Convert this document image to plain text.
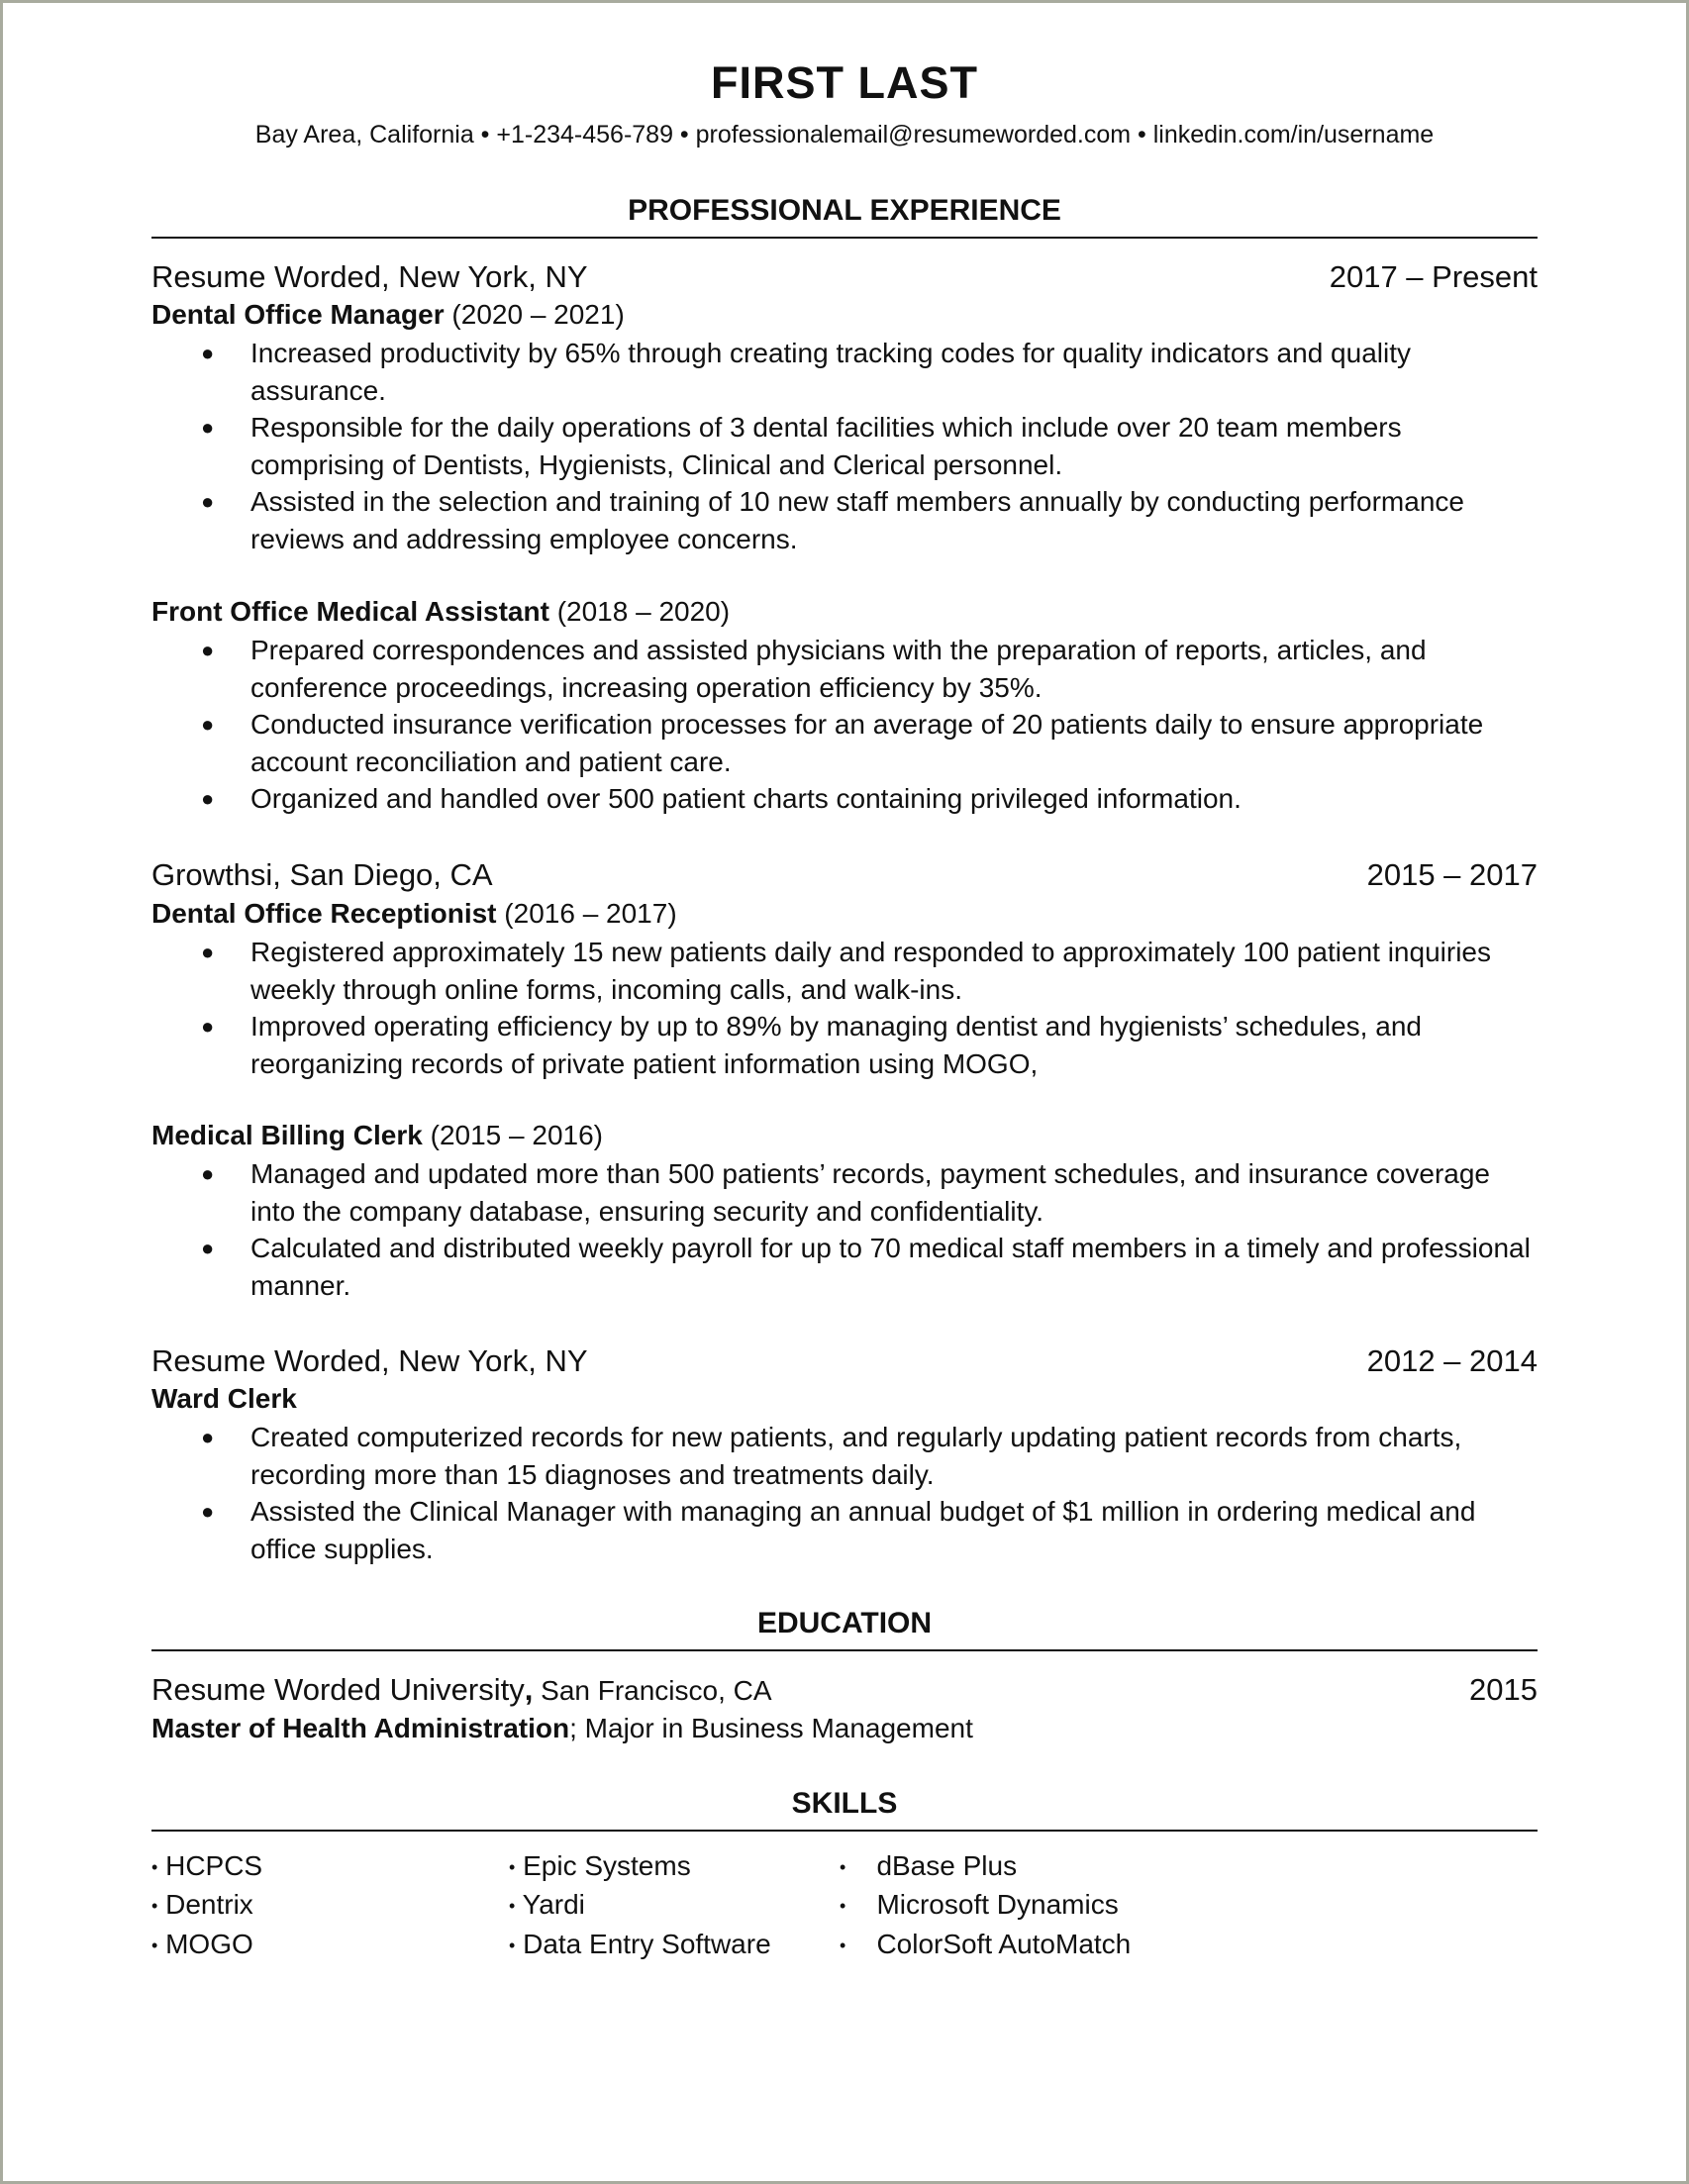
FIRST LAST
Bay Area, California • +1-234-456-789 • professionalemail@resumeworded.com • linkedin.com/in/username
PROFESSIONAL EXPERIENCE
Resume Worded, New York, NY	2017 – Present
Dental Office Manager (2020 – 2021)
● Increased productivity by 65% through creating tracking codes for quality indicators and quality assurance.
● Responsible for the daily operations of 3 dental facilities which include over 20 team members comprising of Dentists, Hygienists, Clinical and Clerical personnel.
● Assisted in the selection and training of 10 new staff members annually by conducting performance reviews and addressing employee concerns.
Front Office Medical Assistant (2018 – 2020)
● Prepared correspondences and assisted physicians with the preparation of reports, articles, and conference proceedings, increasing operation efficiency by 35%.
● Conducted insurance verification processes for an average of 20 patients daily to ensure appropriate account reconciliation and patient care.
● Organized and handled over 500 patient charts containing privileged information.
Growthsi, San Diego, CA	2015 – 2017
Dental Office Receptionist (2016 – 2017)
● Registered approximately 15 new patients daily and responded to approximately 100 patient inquiries weekly through online forms, incoming calls, and walk-ins.
● Improved operating efficiency by up to 89% by managing dentist and hygienists’ schedules, and reorganizing records of private patient information using MOGO,
Medical Billing Clerk (2015 – 2016)
● Managed and updated more than 500 patients’ records, payment schedules, and insurance coverage into the company database, ensuring security and confidentiality.
● Calculated and distributed weekly payroll for up to 70 medical staff members in a timely and professional manner.
Resume Worded, New York, NY	2012 – 2014
Ward Clerk
● Created computerized records for new patients, and regularly updating patient records from charts, recording more than 15 diagnoses and treatments daily.
● Assisted the Clinical Manager with managing an annual budget of $1 million in ordering medical and office supplies.
EDUCATION
Resume Worded University, San Francisco, CA	2015
Master of Health Administration; Major in Business Management
SKILLS
• HCPCS
• Dentrix
• MOGO
• Epic Systems
• Yardi
• Data Entry Software
• dBase Plus
• Microsoft Dynamics
• ColorSoft AutoMatch
